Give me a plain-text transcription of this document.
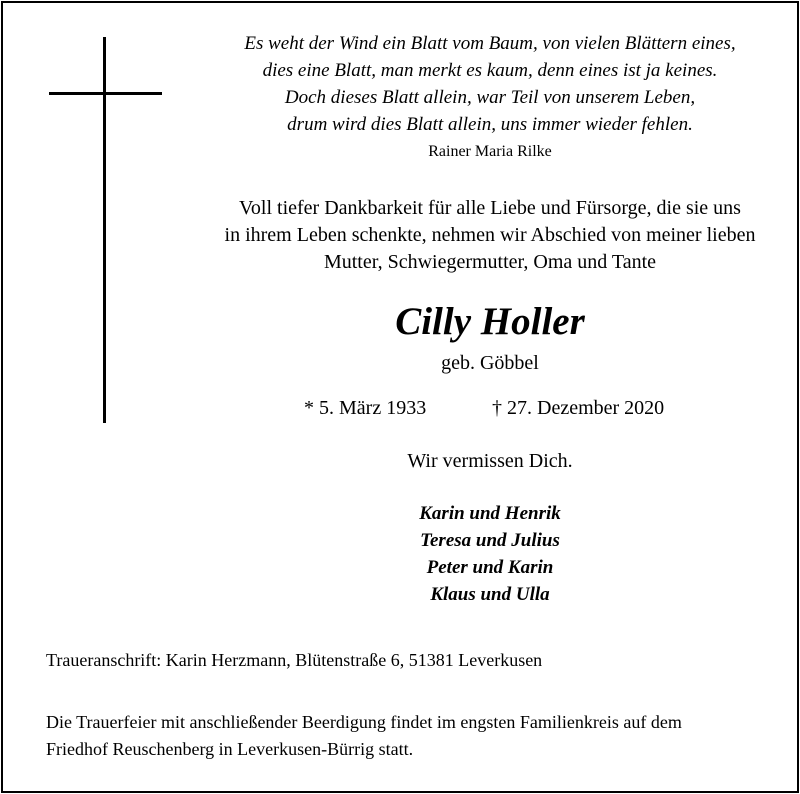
Es weht der Wind ein Blatt vom Baum, von vielen Blättern eines,
dies eine Blatt, man merkt es kaum, denn eines ist ja keines.
Doch dieses Blatt allein, war Teil von unserem Leben,
drum wird dies Blatt allein, uns immer wieder fehlen.
Rainer Maria Rilke
Voll tiefer Dankbarkeit für alle Liebe und Fürsorge, die sie uns
in ihrem Leben schenkte, nehmen wir Abschied von meiner lieben
Mutter, Schwiegermutter, Oma und Tante
Cilly Holler
geb. Göbbel
* 5. März 1933	† 27. Dezember 2020
Wir vermissen Dich.
Karin und Henrik
Teresa und Julius
Peter und Karin
Klaus und Ulla
Traueranschrift: Karin Herzmann, Blütenstraße 6, 51381 Leverkusen
Die Trauerfeier mit anschließender Beerdigung findet im engsten Familienkreis auf dem
Friedhof Reuschenberg in Leverkusen-Bürrig statt.
